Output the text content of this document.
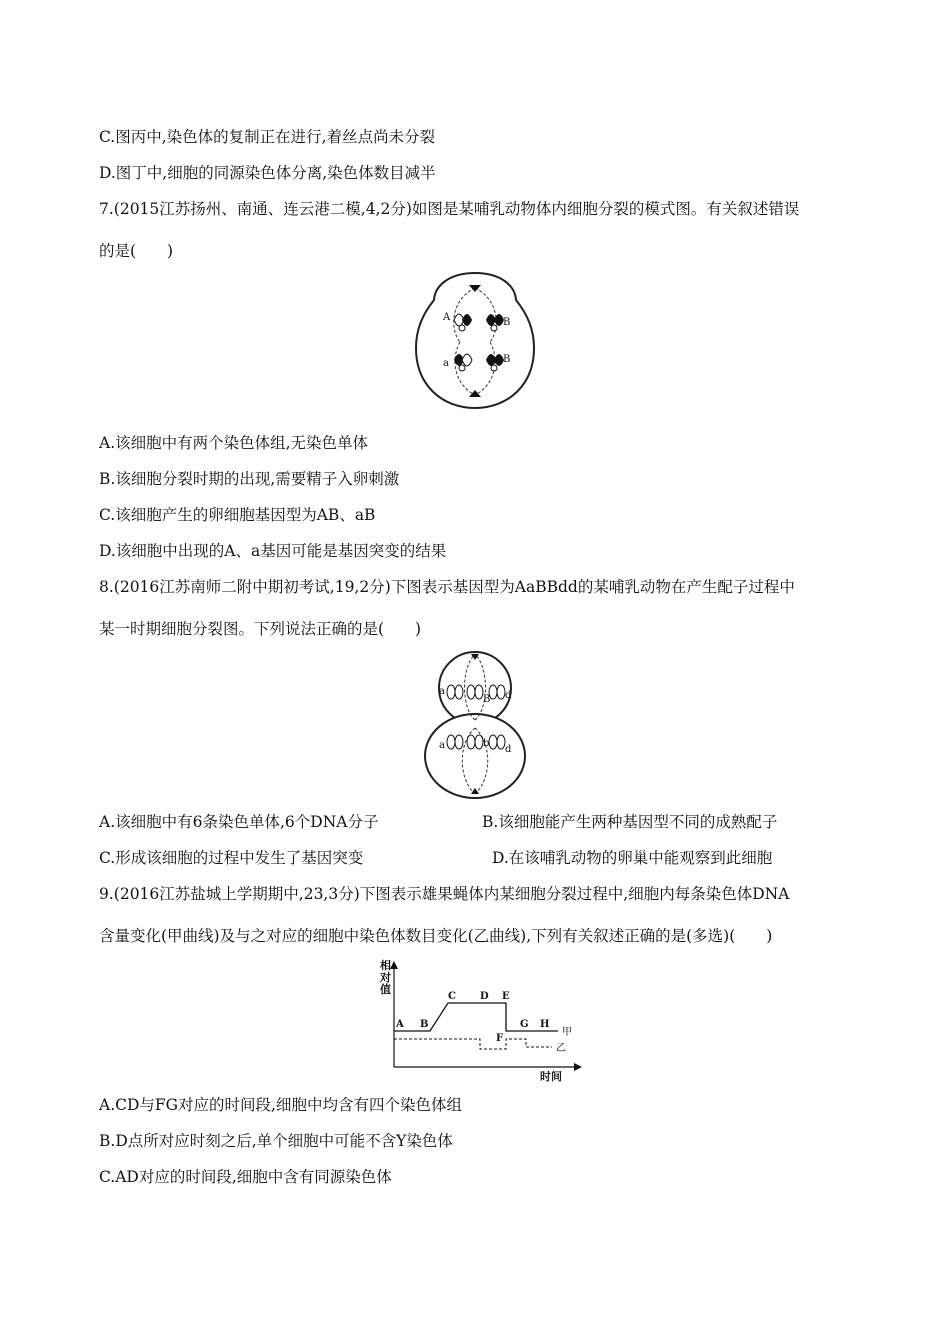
C.图丙中,染色体的复制正在进行,着丝点尚未分裂
D.图丁中,细胞的同源染色体分离,染色体数目减半
7.(2015江苏扬州、南通、连云港二模,4,2分)如图是某哺乳动物体内细胞分裂的模式图。有关叙述错误
的是(　　)
A	B
a	B
A.该细胞中有两个染色体组,无染色单体
B.该细胞分裂时期的出现,需要精子入卵刺激
C.该细胞产生的卵细胞基因型为AB、aB
D.该细胞中出现的A、a基因可能是基因突变的结果
8.(2016江苏南师二附中期初考试,19,2分)下图表示基因型为AaBBdd的某哺乳动物在产生配子过程中
某一时期细胞分裂图。下列说法正确的是(　　)
a
B d
a	b
d
A.该细胞中有6条染色单体,6个DNA分子	B.该细胞能产生两种基因型不同的成熟配子
C.形成该细胞的过程中发生了基因突变	D.在该哺乳动物的卵巢中能观察到此细胞
9.(2016江苏盐城上学期期中,23,3分)下图表示雄果蝇体内某细胞分裂过程中,细胞内每条染色体DNA
含量变化(甲曲线)及与之对应的细胞中染色体数目变化(乙曲线),下列有关叙述正确的是(多选)(　　)
相
对
值
时间
A B
C D E
F
G H
甲
乙
A.CD与FG对应的时间段,细胞中均含有四个染色体组
B.D点所对应时刻之后,单个细胞中可能不含Y染色体
C.AD对应的时间段,细胞中含有同源染色体
